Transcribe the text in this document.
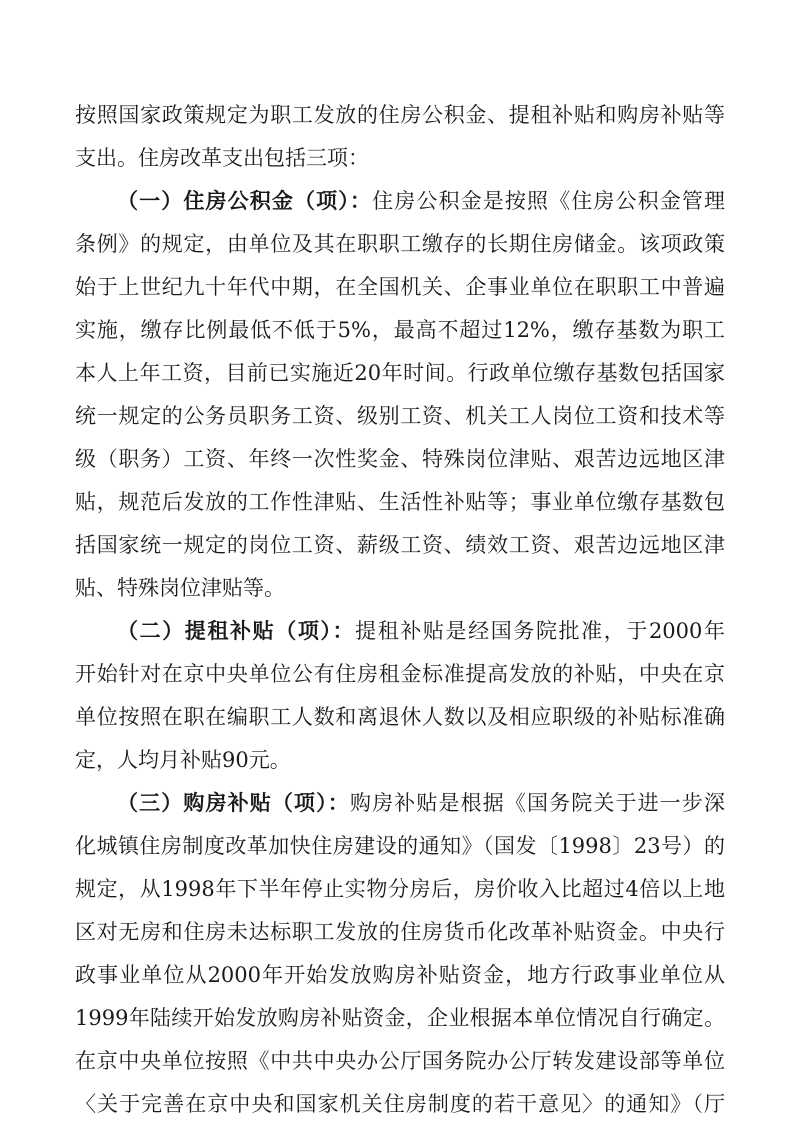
按照国家政策规定为职工发放的住房公积金、提租补贴和购房补贴等
支出。住房改革支出包括三项：
（一）住房公积金（项）：住房公积金是按照《住房公积金管理
条例》的规定，由单位及其在职职工缴存的长期住房储金。该项政策
始于上世纪九十年代中期，在全国机关、企事业单位在职职工中普遍
实施，缴存比例最低不低于5%，最高不超过12%，缴存基数为职工
本人上年工资，目前已实施近20年时间。行政单位缴存基数包括国家
统一规定的公务员职务工资、级别工资、机关工人岗位工资和技术等
级（职务）工资、年终一次性奖金、特殊岗位津贴、艰苦边远地区津
贴，规范后发放的工作性津贴、生活性补贴等；事业单位缴存基数包
括国家统一规定的岗位工资、薪级工资、绩效工资、艰苦边远地区津
贴、特殊岗位津贴等。
（二）提租补贴（项）：提租补贴是经国务院批准，于2000年
开始针对在京中央单位公有住房租金标准提高发放的补贴，中央在京
单位按照在职在编职工人数和离退休人数以及相应职级的补贴标准确
定，人均月补贴90元。
（三）购房补贴（项）：购房补贴是根据《国务院关于进一步深
化城镇住房制度改革加快住房建设的通知》（国发〔1998〕23号）的
规定，从1998年下半年停止实物分房后，房价收入比超过4倍以上地
区对无房和住房未达标职工发放的住房货币化改革补贴资金。中央行
政事业单位从2000年开始发放购房补贴资金，地方行政事业单位从
1999年陆续开始发放购房补贴资金，企业根据本单位情况自行确定。
在京中央单位按照《中共中央办公厅国务院办公厅转发建设部等单位
〈关于完善在京中央和国家机关住房制度的若干意见〉的通知》（厅
